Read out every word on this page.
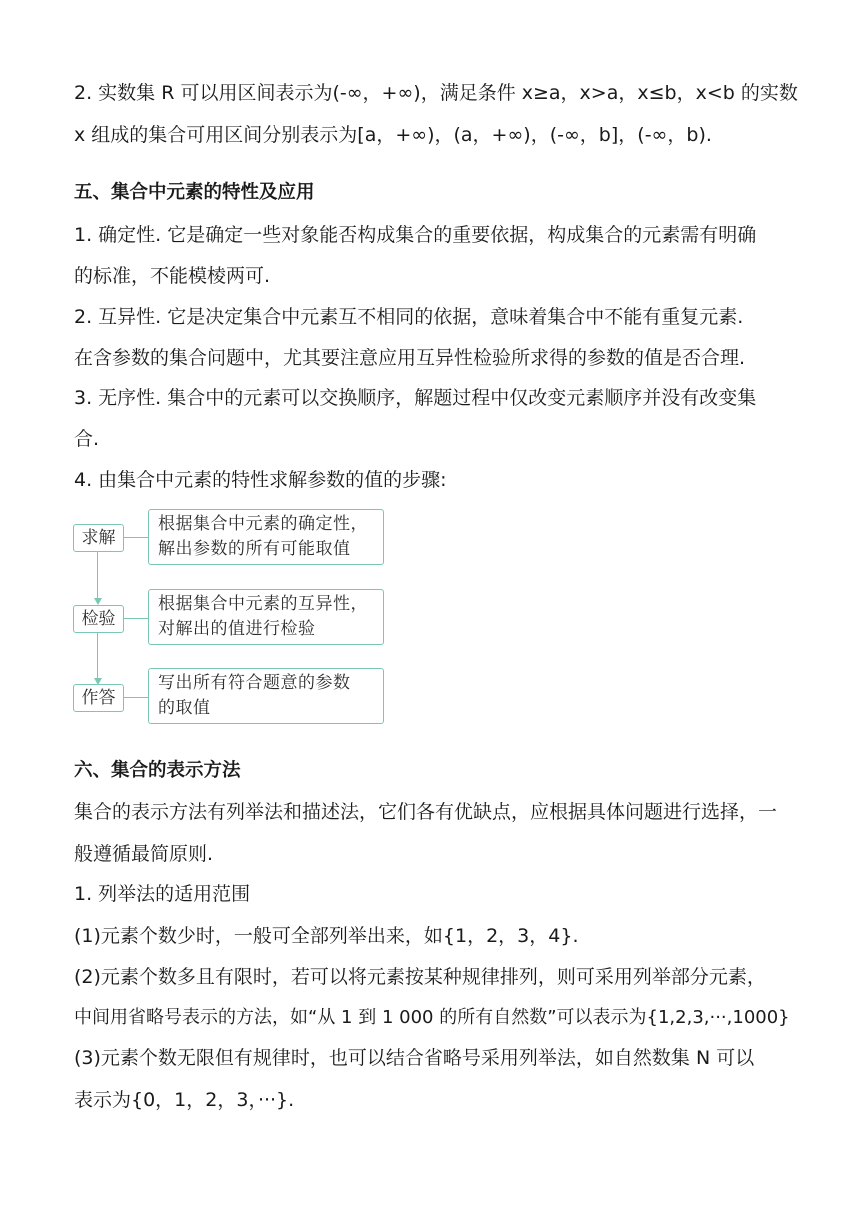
2. 实数集 R 可以用区间表示为(-∞，+∞)，满足条件 x≥a，x>a，x≤b，x<b 的实数
x 组成的集合可用区间分别表示为[a，+∞)，(a，+∞)，(-∞，b]，(-∞，b).
五、集合中元素的特性及应用
1. 确定性. 它是确定一些对象能否构成集合的重要依据，构成集合的元素需有明确
的标准，不能模棱两可.
2. 互异性. 它是决定集合中元素互不相同的依据，意味着集合中不能有重复元素.
在含参数的集合问题中，尤其要注意应用互异性检验所求得的参数的值是否合理.
3. 无序性. 集合中的元素可以交换顺序，解题过程中仅改变元素顺序并没有改变集
合.
4. 由集合中元素的特性求解参数的值的步骤:
求解
根据集合中元素的确定性，
解出参数的所有可能取值
检验
根据集合中元素的互异性，
对解出的值进行检验
作答
写出所有符合题意的参数
的取值
六、集合的表示方法
集合的表示方法有列举法和描述法，它们各有优缺点，应根据具体问题进行选择，一
般遵循最简原则.
1. 列举法的适用范围
(1)元素个数少时，一般可全部列举出来，如{1，2，3，4}.
(2)元素个数多且有限时，若可以将元素按某种规律排列，则可采用列举部分元素，
中间用省略号表示的方法，如“从 1 到 1 000 的所有自然数”可以表示为{1,2,3,···,1000}
(3)元素个数无限但有规律时，也可以结合省略号采用列举法，如自然数集 N 可以
表示为{0，1，2，3，···}.
